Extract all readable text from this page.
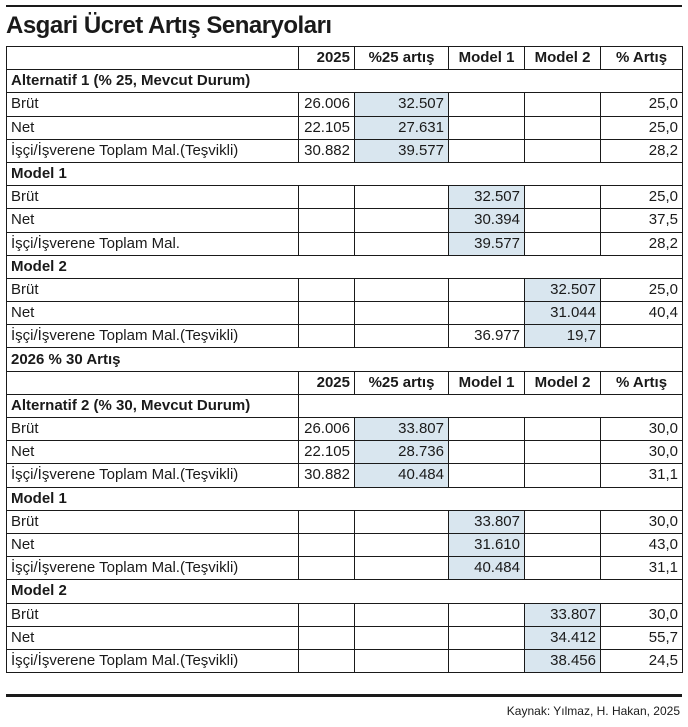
Asgari Ücret Artış Senaryoları
	2025	%25 artış	Model 1	Model 2	% Artış
Alternatif 1 (% 25, Mevcut Durum)					
Brüt	26.006	32.507			25,0
Net	22.105	27.631			25,0
İşçi/İşverene Toplam Mal.(Teşvikli)	30.882	39.577			28,2
Model 1					
Brüt			32.507		25,0
Net			30.394		37,5
İşçi/İşverene Toplam Mal.			39.577		28,2
Model 2					
Brüt				32.507	25,0
Net				31.044	40,4
İşçi/İşverene Toplam Mal.(Teşvikli)			36.977	19,7	
2026 % 30 Artış					
	2025	%25 artış	Model 1	Model 2	% Artış
Alternatif 2 (% 30, Mevcut Durum)					
Brüt	26.006	33.807			30,0
Net	22.105	28.736			30,0
İşçi/İşverene Toplam Mal.(Teşvikli)	30.882	40.484			31,1
Model 1					
Brüt			33.807		30,0
Net			31.610		43,0
İşçi/İşverene Toplam Mal.(Teşvikli)			40.484		31,1
Model 2					
Brüt				33.807	30,0
Net				34.412	55,7
İşçi/İşverene Toplam Mal.(Teşvikli)				38.456	24,5
Kaynak: Yılmaz, H. Hakan, 2025
